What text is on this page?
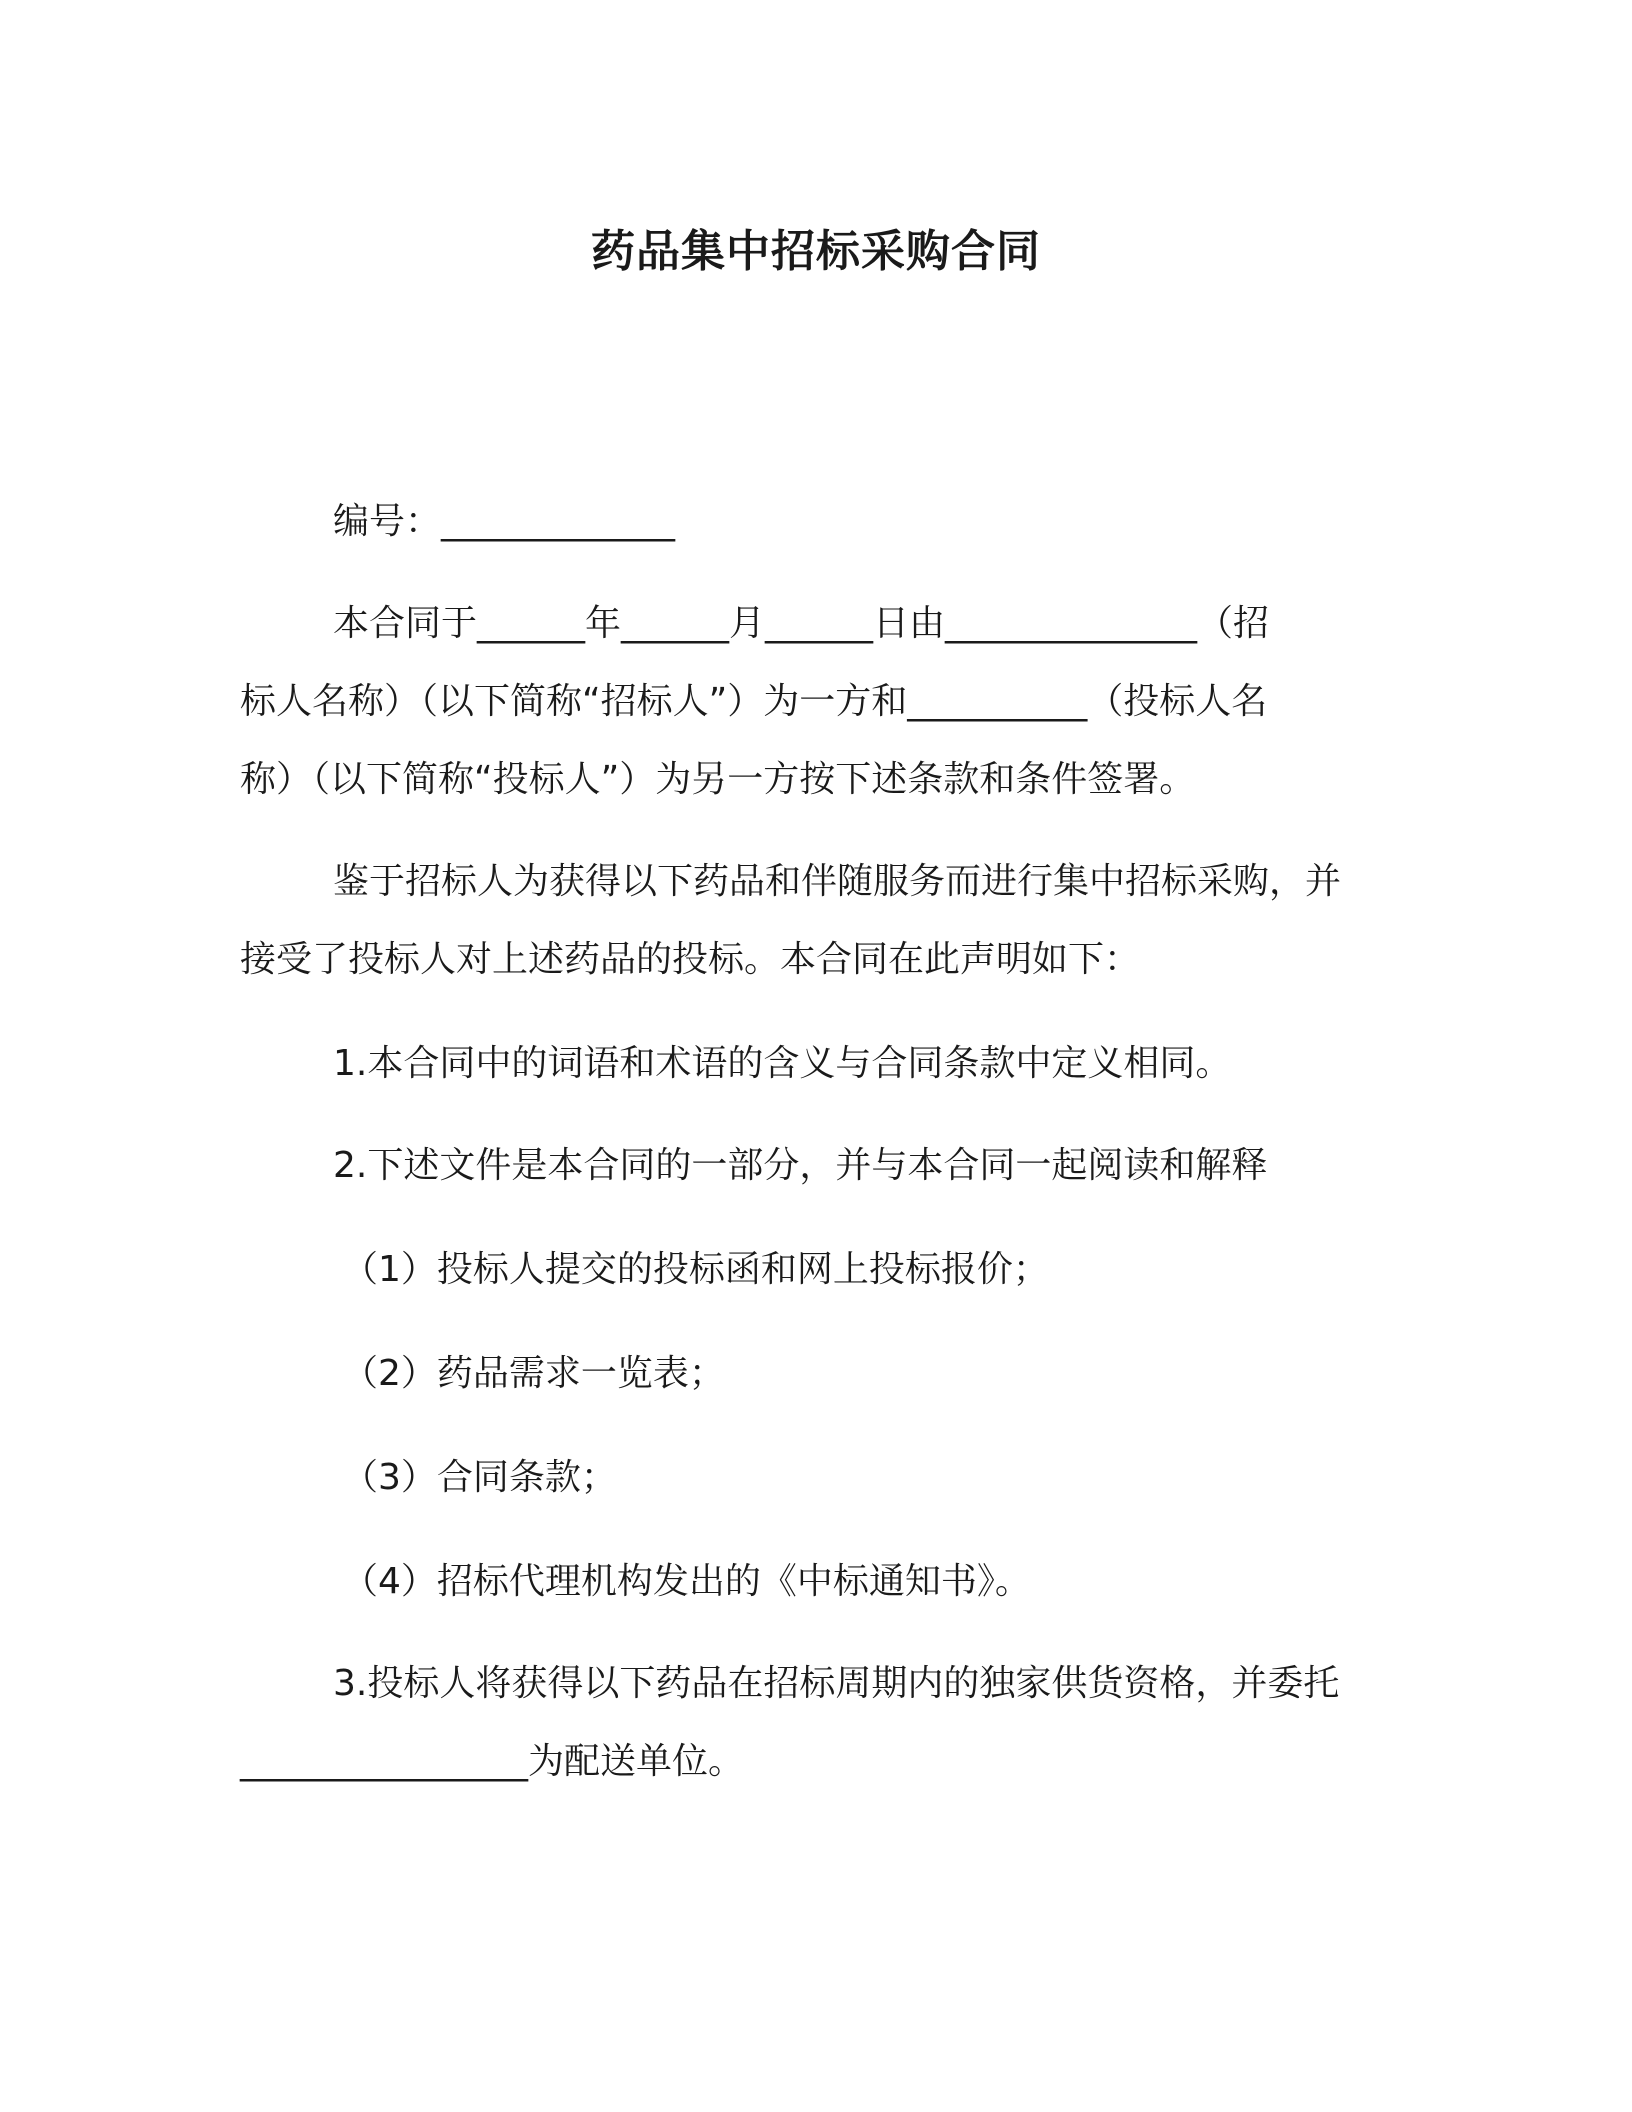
药品集中招标采购合同
编号：_____________
本合同于______年______月______日由______________（招
标人名称）（以下简称“招标人”）为一方和__________（投标人名
称）（以下简称“投标人”）为另一方按下述条款和条件签署。
鉴于招标人为获得以下药品和伴随服务而进行集中招标采购，并
接受了投标人对上述药品的投标。本合同在此声明如下：
1.本合同中的词语和术语的含义与合同条款中定义相同。
2.下述文件是本合同的一部分，并与本合同一起阅读和解释
（1）投标人提交的投标函和网上投标报价；
（2）药品需求一览表；
（3）合同条款；
（4）招标代理机构发出的《中标通知书》。
3.投标人将获得以下药品在招标周期内的独家供货资格，并委托
________________为配送单位。
